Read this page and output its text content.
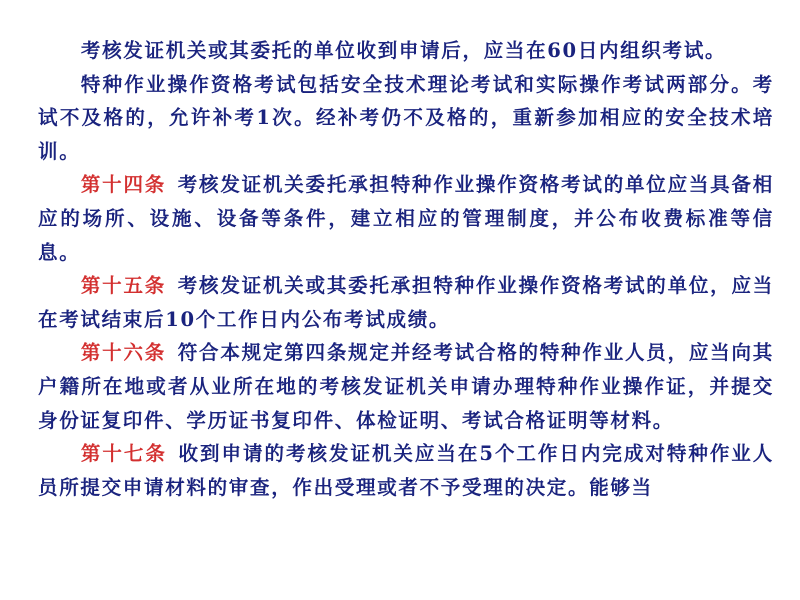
考核发证机关或其委托的单位收到申请后，应当在60日内组织考试。

特种作业操作资格考试包括安全技术理论考试和实际操作考试两部分。考试不及格的，允许补考1次。经补考仍不及格的，重新参加相应的安全技术培训。

第十四条 考核发证机关委托承担特种作业操作资格考试的单位应当具备相应的场所、设施、设备等条件，建立相应的管理制度，并公布收费标准等信息。

第十五条 考核发证机关或其委托承担特种作业操作资格考试的单位，应当在考试结束后10个工作日内公布考试成绩。

第十六条 符合本规定第四条规定并经考试合格的特种作业人员，应当向其户籍所在地或者从业所在地的考核发证机关申请办理特种作业操作证，并提交身份证复印件、学历证书复印件、体检证明、考试合格证明等材料。

第十七条 收到申请的考核发证机关应当在5个工作日内完成对特种作业人员所提交申请材料的审查，作出受理或者不予受理的决定。能够当
